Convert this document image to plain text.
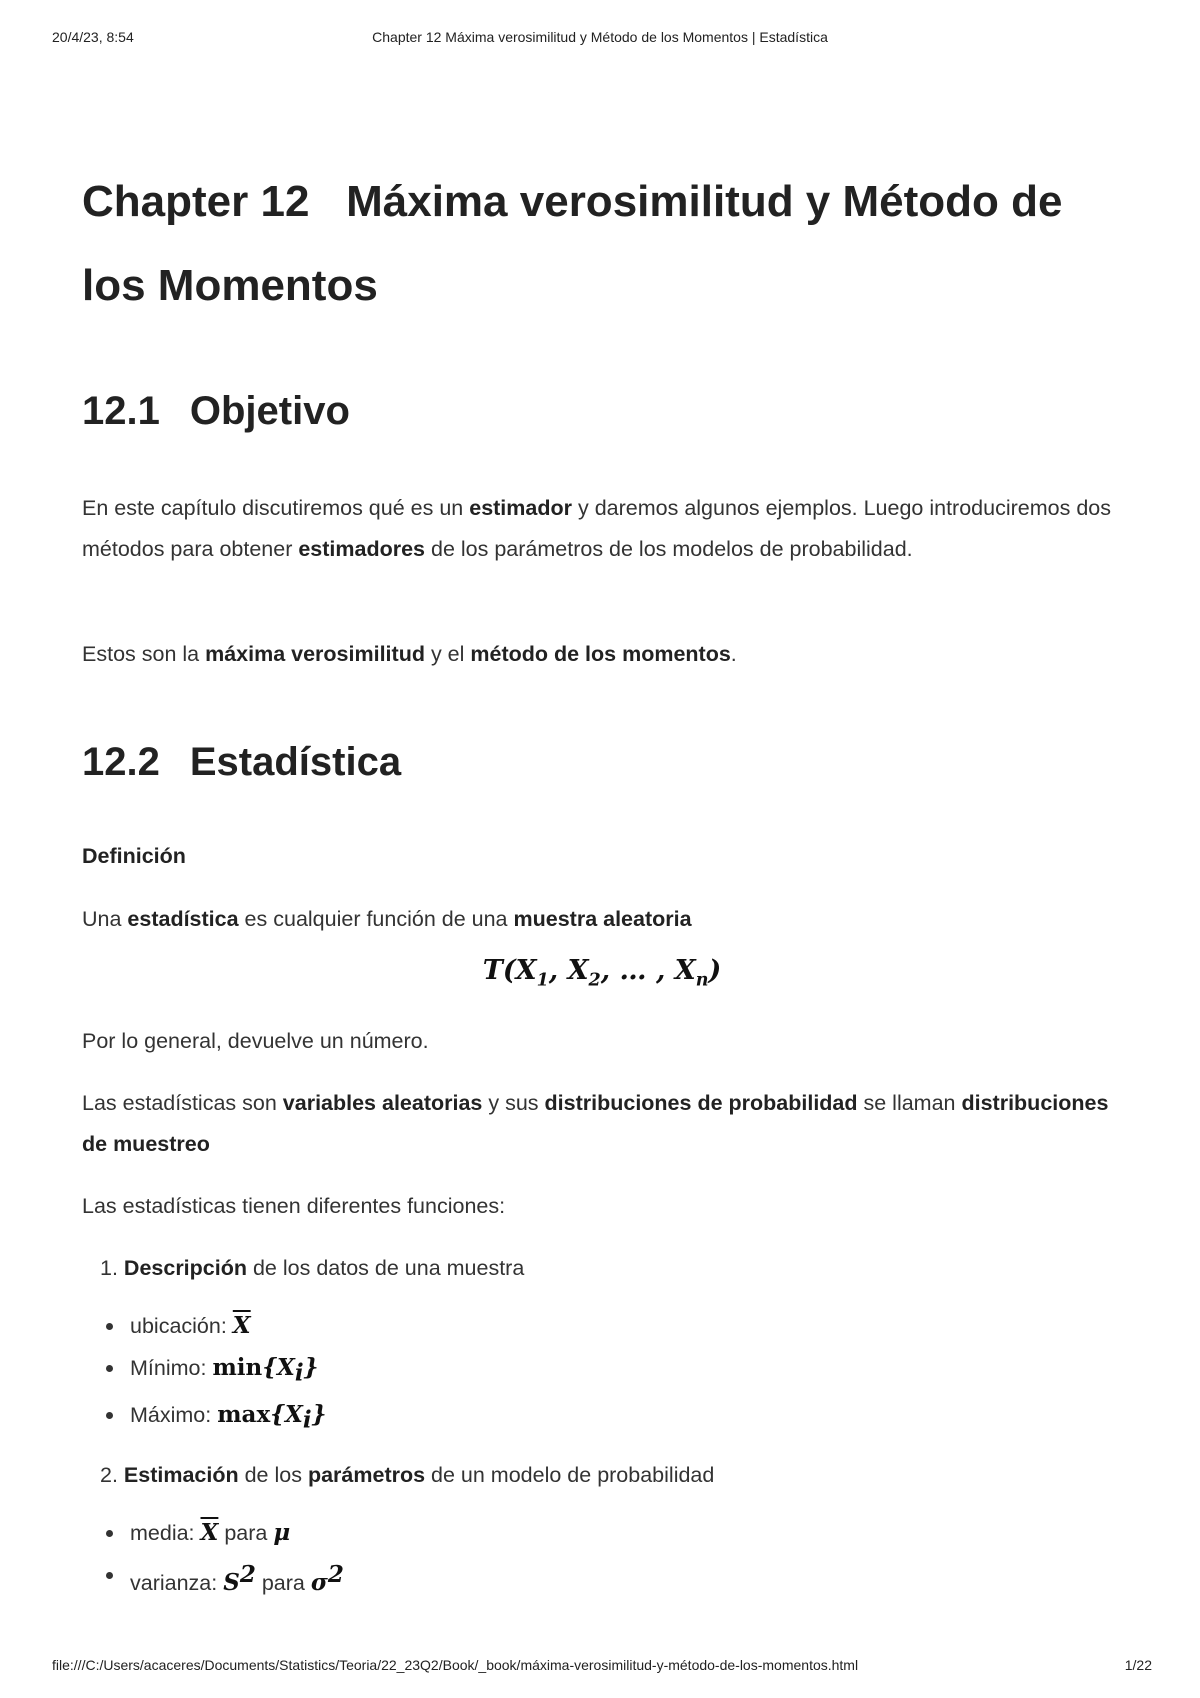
20/4/23, 8:54	Chapter 12 Máxima verosimilitud y Método de los Momentos | Estadística
Chapter 12 Máxima verosimilitud y Método de los Momentos
12.1 Objetivo

En este capítulo discutiremos qué es un estimador y daremos algunos ejemplos. Luego introduciremos dos métodos para obtener estimadores de los parámetros de los modelos de probabilidad.

Estos son la máxima verosimilitud y el método de los momentos.

12.2 Estadística

Definición

Una estadística es cualquier función de una muestra aleatoria

$T(X_1$, $X_2$, … , $X_n$)

Por lo general, devuelve un número.

Las estadísticas son variables aleatorias y sus distribuciones de probabilidad se llaman distribuciones de muestreo

Las estadísticas tienen diferentes funciones:

1. Descripción de los datos de una muestra
ubicación: $\overline{X}$
Mínimo: $\min\{X_i\}$
Máximo: $\max\{X_i\}$
2. Estimación de los parámetros de un modelo de probabilidad
media: $\overline{X}$ para μ
varianza: $S^2$ para $\sigma^2$
file:///C:/Users/acaceres/Documents/Statistics/Teoria/22_23Q2/Book/_book/máxima-verosimilitud-y-método-de-los-momentos.html	1/22
